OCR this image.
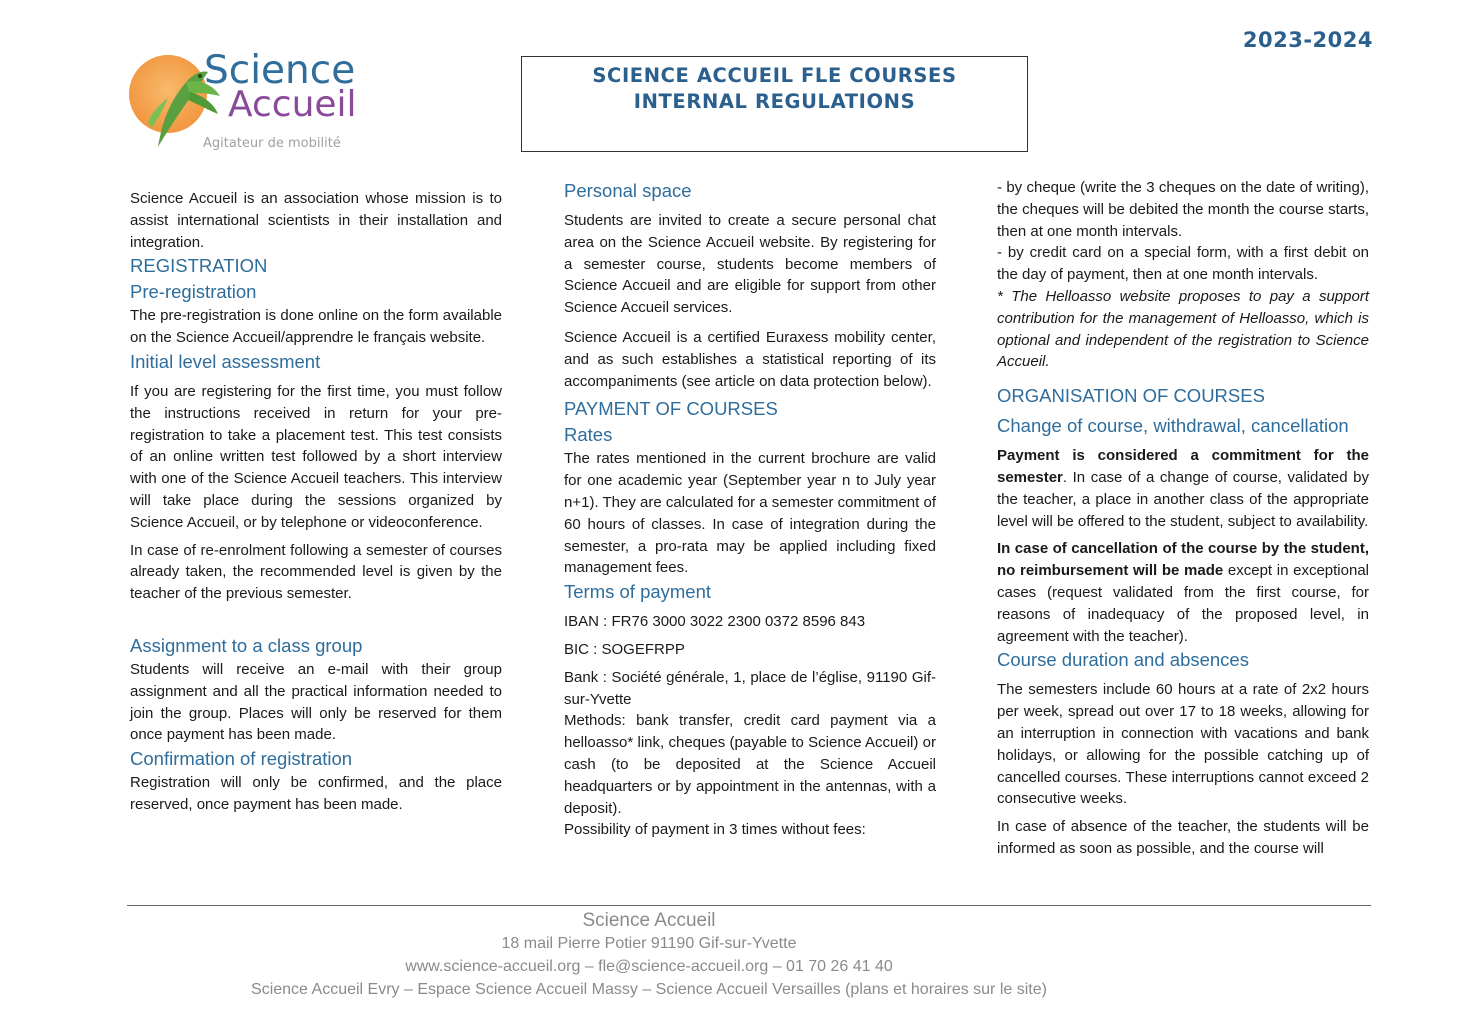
2023-2024
Science
Accueil
Agitateur de mobilité
SCIENCE ACCUEIL FLE COURSES
INTERNAL REGULATIONS

Science Accueil is an association whose mission is to assist international scientists in their installation and integration.

REGISTRATION
Pre-registration

The pre-registration is done online on the form available on the Science Accueil/apprendre le français website.

Initial level assessment

If you are registering for the first time, you must follow the instructions received in return for your pre-registration to take a placement test. This test consists of an online written test followed by a short interview with one of the Science Accueil teachers. This interview will take place during the sessions organized by Science Accueil, or by telephone or videoconference.

In case of re-enrolment following a semester of courses already taken, the recommended level is given by the teacher of the previous semester.

Assignment to a class group

Students will receive an e-mail with their group assignment and all the practical information needed to join the group. Places will only be reserved for them once payment has been made.

Confirmation of registration

Registration will only be confirmed, and the place reserved, once payment has been made.

Personal space

Students are invited to create a secure personal chat area on the Science Accueil website. By registering for a semester course, students become members of Science Accueil and are eligible for support from other Science Accueil services.

Science Accueil is a certified Euraxess mobility center, and as such establishes a statistical reporting of its accompaniments (see article on data protection below).

PAYMENT OF COURSES
Rates

The rates mentioned in the current brochure are valid for one academic year (September year n to July year n+1). They are calculated for a semester commitment of 60 hours of classes. In case of integration during the semester, a pro-rata may be applied including fixed management fees.

Terms of payment

IBAN : FR76 3000 3022 2300 0372 8596 843

BIC : SOGEFRPP

Bank : Société générale, 1, place de l’église, 91190 Gif-sur-Yvette

Methods: bank transfer, credit card payment via a helloasso* link, cheques (payable to Science Accueil) or cash (to be deposited at the Science Accueil headquarters or by appointment in the antennas, with a deposit).

Possibility of payment in 3 times without fees:

- by cheque (write the 3 cheques on the date of writing), the cheques will be debited the month the course starts, then at one month intervals.

- by credit card on a special form, with a first debit on the day of payment, then at one month intervals.

* The Helloasso website proposes to pay a support contribution for the management of Helloasso, which is optional and independent of the registration to Science Accueil.

ORGANISATION OF COURSES
Change of course, withdrawal, cancellation

Payment is considered a commitment for the semester. In case of a change of course, validated by the teacher, a place in another class of the appropriate level will be offered to the student, subject to availability.

In case of cancellation of the course by the student, no reimbursement will be made except in exceptional cases (request validated from the first course, for reasons of inadequacy of the proposed level, in agreement with the teacher).

Course duration and absences

The semesters include 60 hours at a rate of 2x2 hours per week, spread out over 17 to 18 weeks, allowing for an interruption in connection with vacations and bank holidays, or allowing for the possible catching up of cancelled courses. These interruptions cannot exceed 2 consecutive weeks.

In case of absence of the teacher, the students will be informed as soon as possible, and the course will

Science Accueil
18 mail Pierre Potier 91190 Gif-sur-Yvette
www.science-accueil.org – fle@science-accueil.org – 01 70 26 41 40
Science Accueil Evry – Espace Science Accueil Massy – Science Accueil Versailles (plans et horaires sur le site)
